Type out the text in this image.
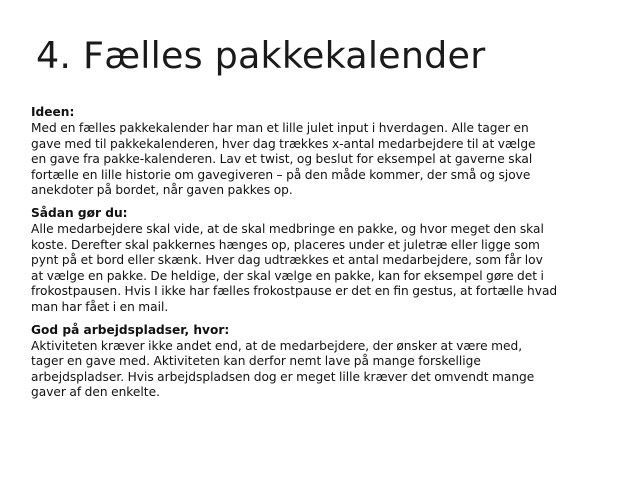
4. Fælles pakkekalender

Ideen:

Med en fælles pakkekalender har man et lille julet input i hverdagen. Alle tager en
gave med til pakkekalenderen, hver dag trækkes x-antal medarbejdere til at vælge
en gave fra pakke-kalenderen. Lav et twist, og beslut for eksempel at gaverne skal
fortælle en lille historie om gavegiveren – på den måde kommer, der små og sjove
anekdoter på bordet, når gaven pakkes op.

Sådan gør du:

Alle medarbejdere skal vide, at de skal medbringe en pakke, og hvor meget den skal
koste. Derefter skal pakkernes hænges op, placeres under et juletræ eller ligge som
pynt på et bord eller skænk. Hver dag udtrækkes et antal medarbejdere, som får lov
at vælge en pakke. De heldige, der skal vælge en pakke, kan for eksempel gøre det i
frokostpausen. Hvis I ikke har fælles frokostpause er det en fin gestus, at fortælle hvad
man har fået i en mail.

God på arbejdspladser, hvor:

Aktiviteten kræver ikke andet end, at de medarbejdere, der ønsker at være med,
tager en gave med. Aktiviteten kan derfor nemt lave på mange forskellige
arbejdspladser. Hvis arbejdspladsen dog er meget lille kræver det omvendt mange
gaver af den enkelte.
